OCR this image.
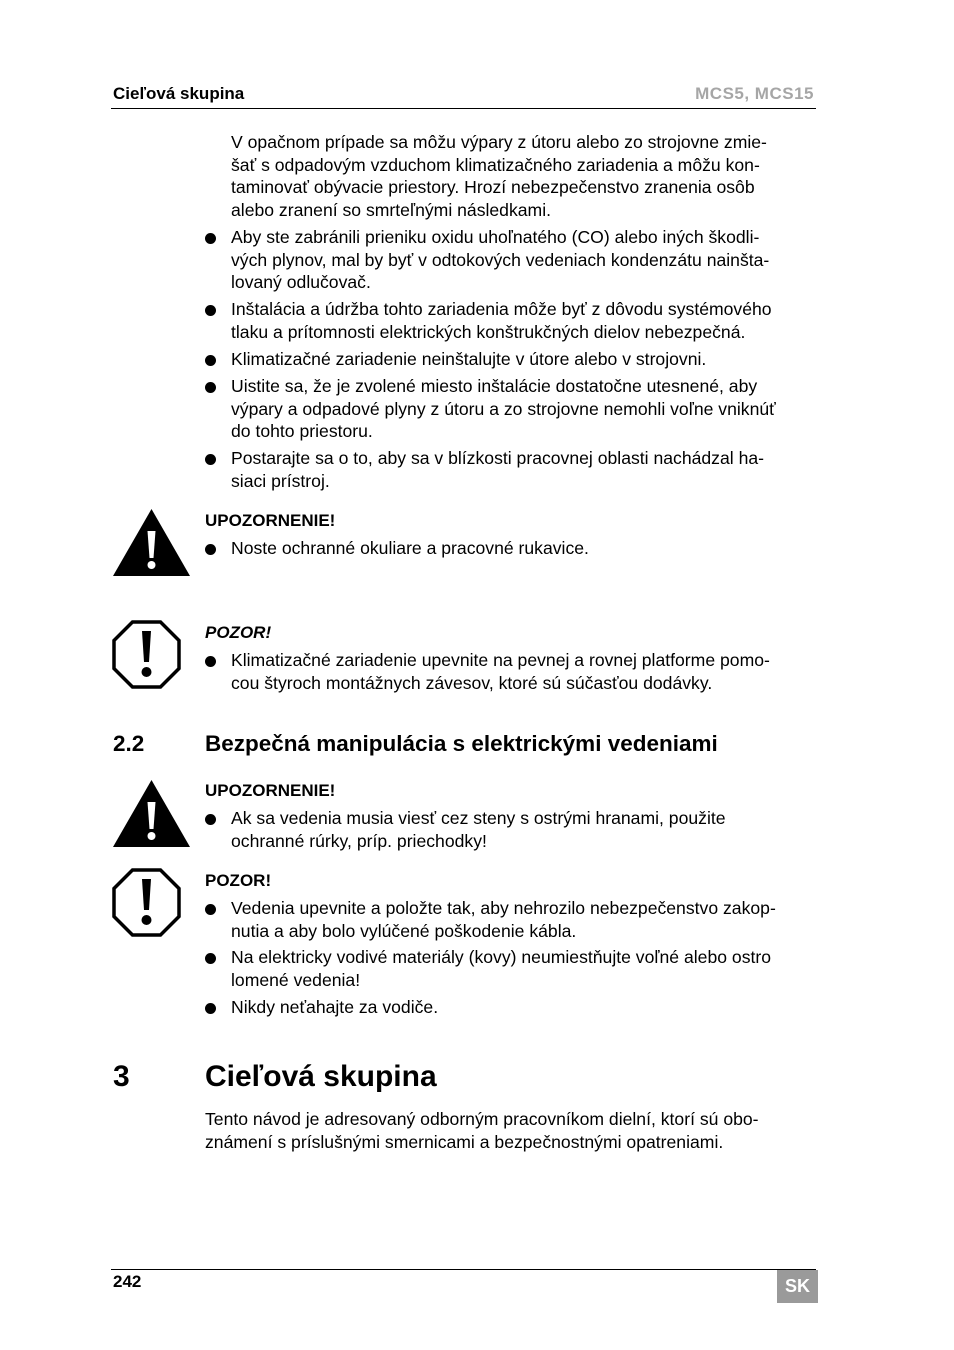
Cieľová skupina	MCS5, MCS15
V opačnom prípade sa môžu výpary z útoru alebo zo strojovne zmie-
šať s odpadovým vzduchom klimatizačného zariadenia a môžu kon-
taminovať obývacie priestory. Hrozí nebezpečenstvo zranenia osôb
alebo zranení so smrteľnými následkami.
Aby ste zabránili prieniku oxidu uhoľnatého (CO) alebo iných škodli-
vých plynov, mal by byť v odtokových vedeniach kondenzátu nainšta-
lovaný odlučovač.
Inštalácia a údržba tohto zariadenia môže byť z dôvodu systémového
tlaku a prítomnosti elektrických konštrukčných dielov nebezpečná.
Klimatizačné zariadenie neinštalujte v útore alebo v strojovni.
Uistite sa, že je zvolené miesto inštalácie dostatočne utesnené, aby
výpary a odpadové plyny z útoru a zo strojovne nemohli voľne vniknúť
do tohto priestoru.
Postarajte sa o to, aby sa v blízkosti pracovnej oblasti nachádzal ha-
siaci prístroj.
UPOZORNENIE!
Noste ochranné okuliare a pracovné rukavice.
POZOR!
Klimatizačné zariadenie upevnite na pevnej a rovnej platforme pomo-
cou štyroch montážnych závesov, ktoré sú súčasťou dodávky.
2.2	Bezpečná manipulácia s elektrickými vedeniami
UPOZORNENIE!
Ak sa vedenia musia viesť cez steny s ostrými hranami, použite
ochranné rúrky, príp. priechodky!
POZOR!
Vedenia upevnite a položte tak, aby nehrozilo nebezpečenstvo zakop-
nutia a aby bolo vylúčené poškodenie kábla.
Na elektricky vodivé materiály (kovy) neumiestňujte voľné alebo ostro
lomené vedenia!
Nikdy neťahajte za vodiče.
3	Cieľová skupina
Tento návod je adresovaný odborným pracovníkom dielní, ktorí sú obo-
známení s príslušnými smernicami a bezpečnostnými opatreniami.
242	SK
